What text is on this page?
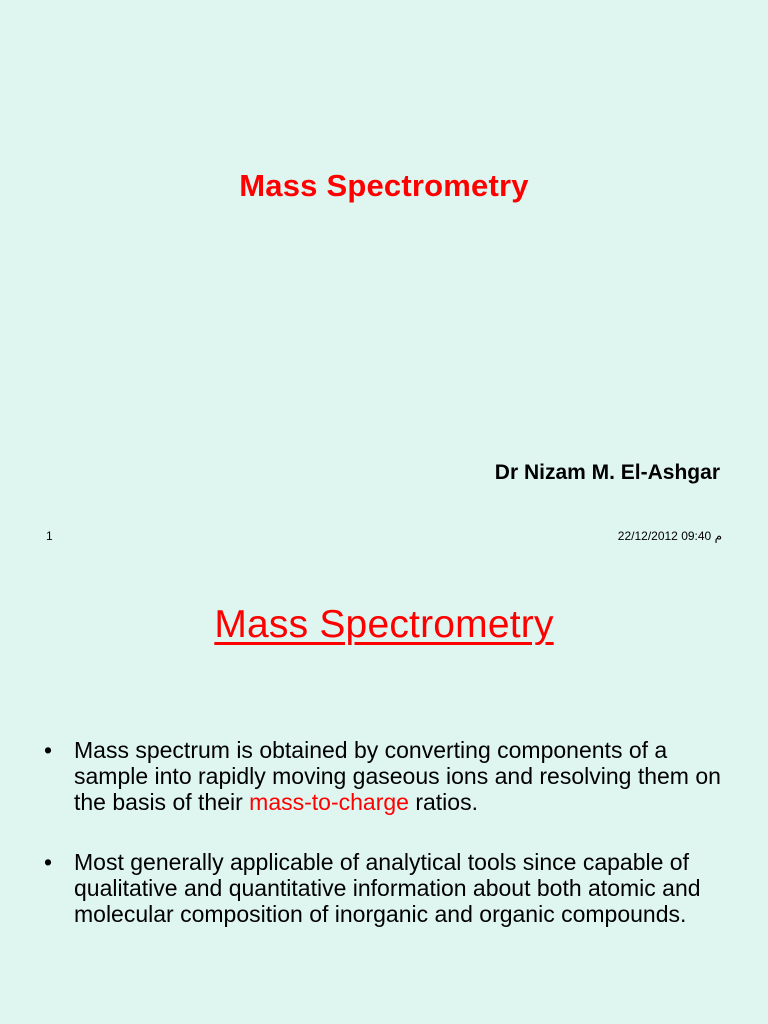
Mass Spectrometry
Dr Nizam M. El-Ashgar
1	م 09:40 22/12/2012
Mass Spectrometry
• Mass spectrum is obtained by converting components of a sample into rapidly moving gaseous ions and resolving them on the basis of their mass-to-charge ratios.
• Most generally applicable of analytical tools since capable of qualitative and quantitative information about both atomic and molecular composition of inorganic and organic compounds.
